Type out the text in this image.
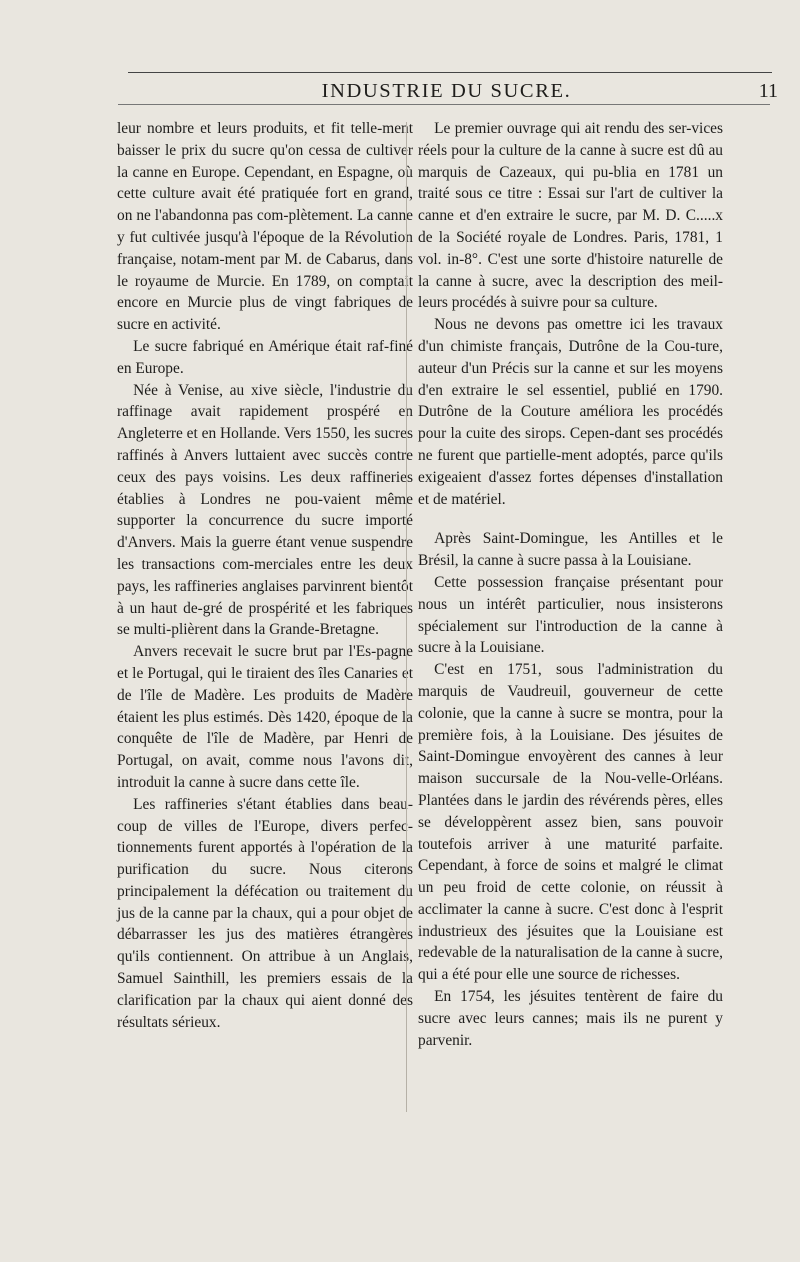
INDUSTRIE DU SUCRE.	11

leur nombre et leurs produits, et fit telle-ment baisser le prix du sucre qu'on cessa de cultiver la canne en Europe. Cependant, en Espagne, où cette culture avait été pratiquée fort en grand, on ne l'abandonna pas com-plètement. La canne y fut cultivée jusqu'à l'époque de la Révolution française, notam-ment par M. de Cabarus, dans le royaume de Murcie. En 1789, on comptait encore en Murcie plus de vingt fabriques de sucre en activité.

Le sucre fabriqué en Amérique était raf-finé en Europe.

Née à Venise, au xive siècle, l'industrie du raffinage avait rapidement prospéré en Angleterre et en Hollande. Vers 1550, les sucres raffinés à Anvers luttaient avec succès contre ceux des pays voisins. Les deux raffineries établies à Londres ne pou-vaient même supporter la concurrence du sucre importé d'Anvers. Mais la guerre étant venue suspendre les transactions com-merciales entre les deux pays, les raffineries anglaises parvinrent bientôt à un haut de-gré de prospérité et les fabriques se multi-plièrent dans la Grande-Bretagne.

Anvers recevait le sucre brut par l'Es-pagne et le Portugal, qui le tiraient des îles Canaries et de l'île de Madère. Les produits de Madère étaient les plus estimés. Dès 1420, époque de la conquête de l'île de Madère, par Henri de Portugal, on avait, comme nous l'avons dit, introduit la canne à sucre dans cette île.

Les raffineries s'étant établies dans beau-coup de villes de l'Europe, divers perfec-tionnements furent apportés à l'opération de la purification du sucre. Nous citerons principalement la défécation ou traitement du jus de la canne par la chaux, qui a pour objet de débarrasser les jus des matières étrangères qu'ils contiennent. On attribue à un Anglais, Samuel Sainthill, les premiers essais de la clarification par la chaux qui aient donné des résultats sérieux.

Le premier ouvrage qui ait rendu des ser-vices réels pour la culture de la canne à sucre est dû au marquis de Cazeaux, qui pu-blia en 1781 un traité sous ce titre : Essai sur l'art de cultiver la canne et d'en extraire le sucre, par M. D. C.....x de la Société royale de Londres. Paris, 1781, 1 vol. in-8°. C'est une sorte d'histoire naturelle de la canne à sucre, avec la description des meil-leurs procédés à suivre pour sa culture.

Nous ne devons pas omettre ici les travaux d'un chimiste français, Dutrône de la Cou-ture, auteur d'un Précis sur la canne et sur les moyens d'en extraire le sel essentiel, publié en 1790. Dutrône de la Couture améliora les procédés pour la cuite des sirops. Cepen-dant ses procédés ne furent que partielle-ment adoptés, parce qu'ils exigeaient d'assez fortes dépenses d'installation et de matériel.

Après Saint-Domingue, les Antilles et le Brésil, la canne à sucre passa à la Louisiane.

Cette possession française présentant pour nous un intérêt particulier, nous insisterons spécialement sur l'introduction de la canne à sucre à la Louisiane.

C'est en 1751, sous l'administration du marquis de Vaudreuil, gouverneur de cette colonie, que la canne à sucre se montra, pour la première fois, à la Louisiane. Des jésuites de Saint-Domingue envoyèrent des cannes à leur maison succursale de la Nou-velle-Orléans. Plantées dans le jardin des révérends pères, elles se développèrent assez bien, sans pouvoir toutefois arriver à une maturité parfaite. Cependant, à force de soins et malgré le climat un peu froid de cette colonie, on réussit à acclimater la canne à sucre. C'est donc à l'esprit industrieux des jésuites que la Louisiane est redevable de la naturalisation de la canne à sucre, qui a été pour elle une source de richesses.

En 1754, les jésuites tentèrent de faire du sucre avec leurs cannes; mais ils ne purent y parvenir.
